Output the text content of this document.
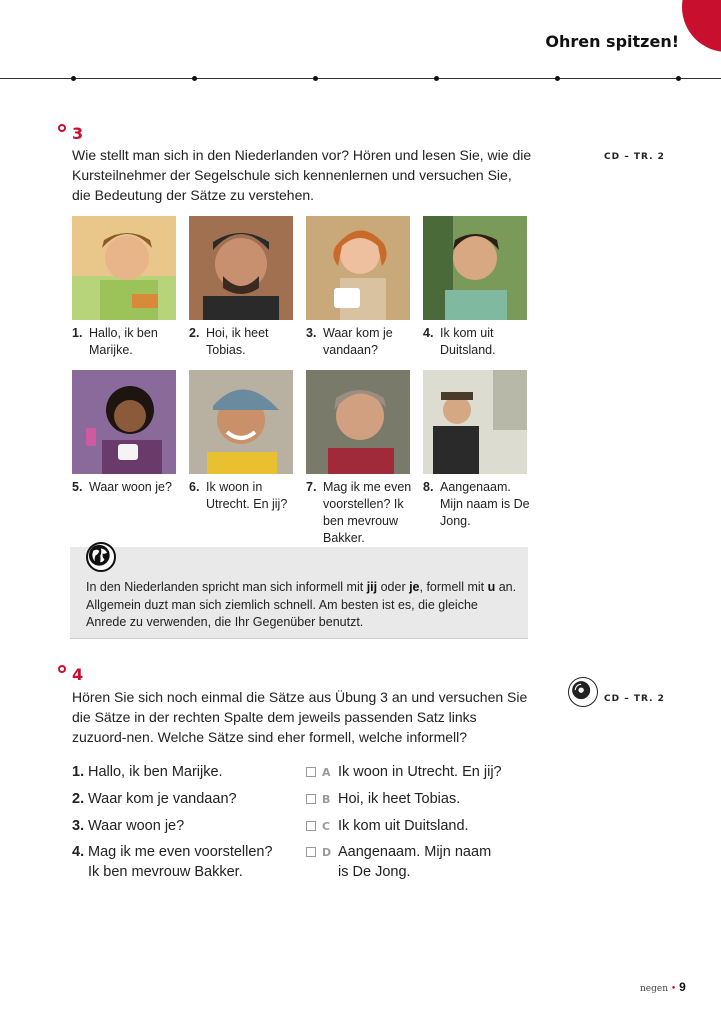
Ohren spitzen!
3
Wie stellt man sich in den Niederlanden vor? Hören und lesen Sie, wie die Kursteilnehmer der Segelschule sich kennenlernen und versuchen Sie, die Bedeutung der Sätze zu verstehen.
CD – TR. 2
1. Hallo, ik ben Marijke.
2. Hoi, ik heet Tobias.
3. Waar kom je vandaan?
4. Ik kom uit Duitsland.
5. Waar woon je?	6. Ik woon in Utrecht. En jij?
7. Mag ik me even voorstellen? Ik ben mevrouw Bakker.
8. Aangenaam. Mijn naam is De Jong.
In den Niederlanden spricht man sich informell mit jij oder je, formell mit u an. Allgemein duzt man sich ziemlich schnell. Am besten ist es, die gleiche Anrede zu verwenden, die Ihr Gegenüber benutzt.
4
Hören Sie sich noch einmal die Sätze aus Übung 3 an und versuchen Sie die Sätze in der rechten Spalte dem jeweils passenden Satz links zuzuord-nen. Welche Sätze sind eher formell, welche informell?
CD – TR. 2
1. Hallo, ik ben Marijke.
2. Waar kom je vandaan?
3. Waar woon je?
4. Mag ik me even voorstellen? Ik ben mevrouw Bakker.
A Ik woon in Utrecht. En jij?
B Hoi, ik heet Tobias.
C Ik kom uit Duitsland.
D Aangenaam. Mijn naam is De Jong.
negen • 9
